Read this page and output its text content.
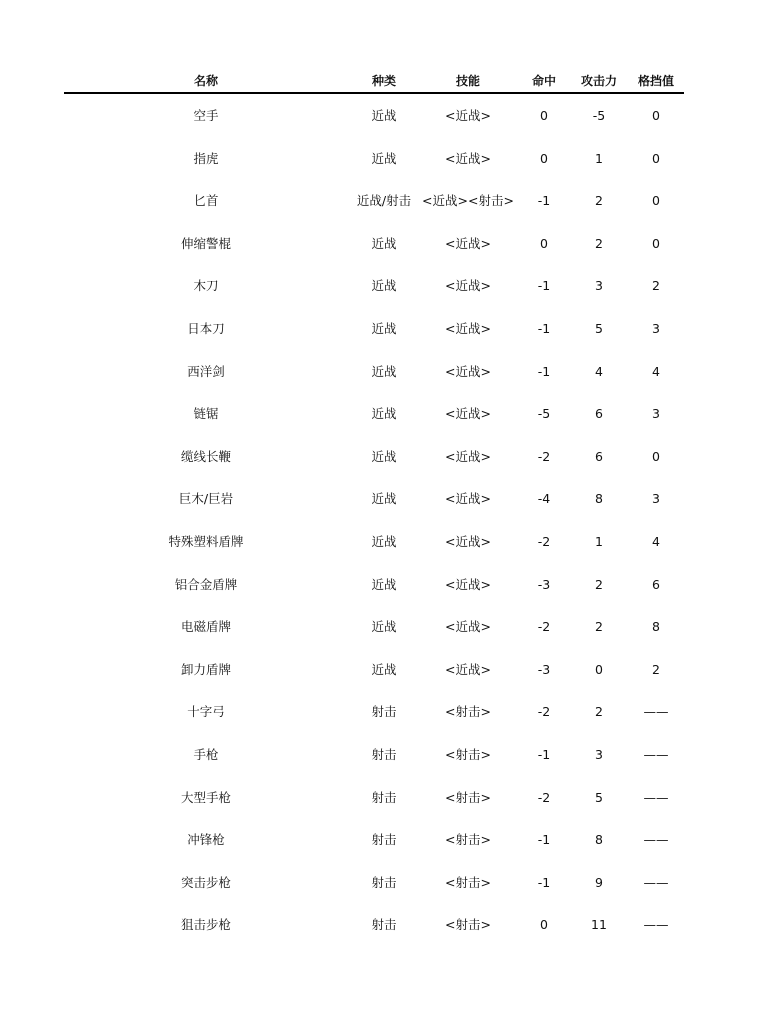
名称	种类	技能	命中	攻击力	格挡值
空手	近战	<近战>	0	-5	0
指虎	近战	<近战>	0	1	0
匕首	近战/射击 <近战><射击>	-1	2	0
伸缩警棍	近战	<近战>	0	2	0
木刀	近战	<近战>	-1	3	2
日本刀	近战	<近战>	-1	5	3
西洋剑	近战	<近战>	-1	4	4
链锯	近战	<近战>	-5	6	3
缆线长鞭	近战	<近战>	-2	6	0
巨木/巨岩	近战	<近战>	-4	8	3
特殊塑料盾牌	近战	<近战>	-2	1	4
铝合金盾牌	近战	<近战>	-3	2	6
电磁盾牌	近战	<近战>	-2	2	8
卸力盾牌	近战	<近战>	-3	0	2
十字弓	射击	<射击>	-2	2	——
手枪	射击	<射击>	-1	3	——
大型手枪	射击	<射击>	-2	5	——
冲锋枪	射击	<射击>	-1	8	——
突击步枪	射击	<射击>	-1	9	——
狙击步枪	射击	<射击>	0	11	——
